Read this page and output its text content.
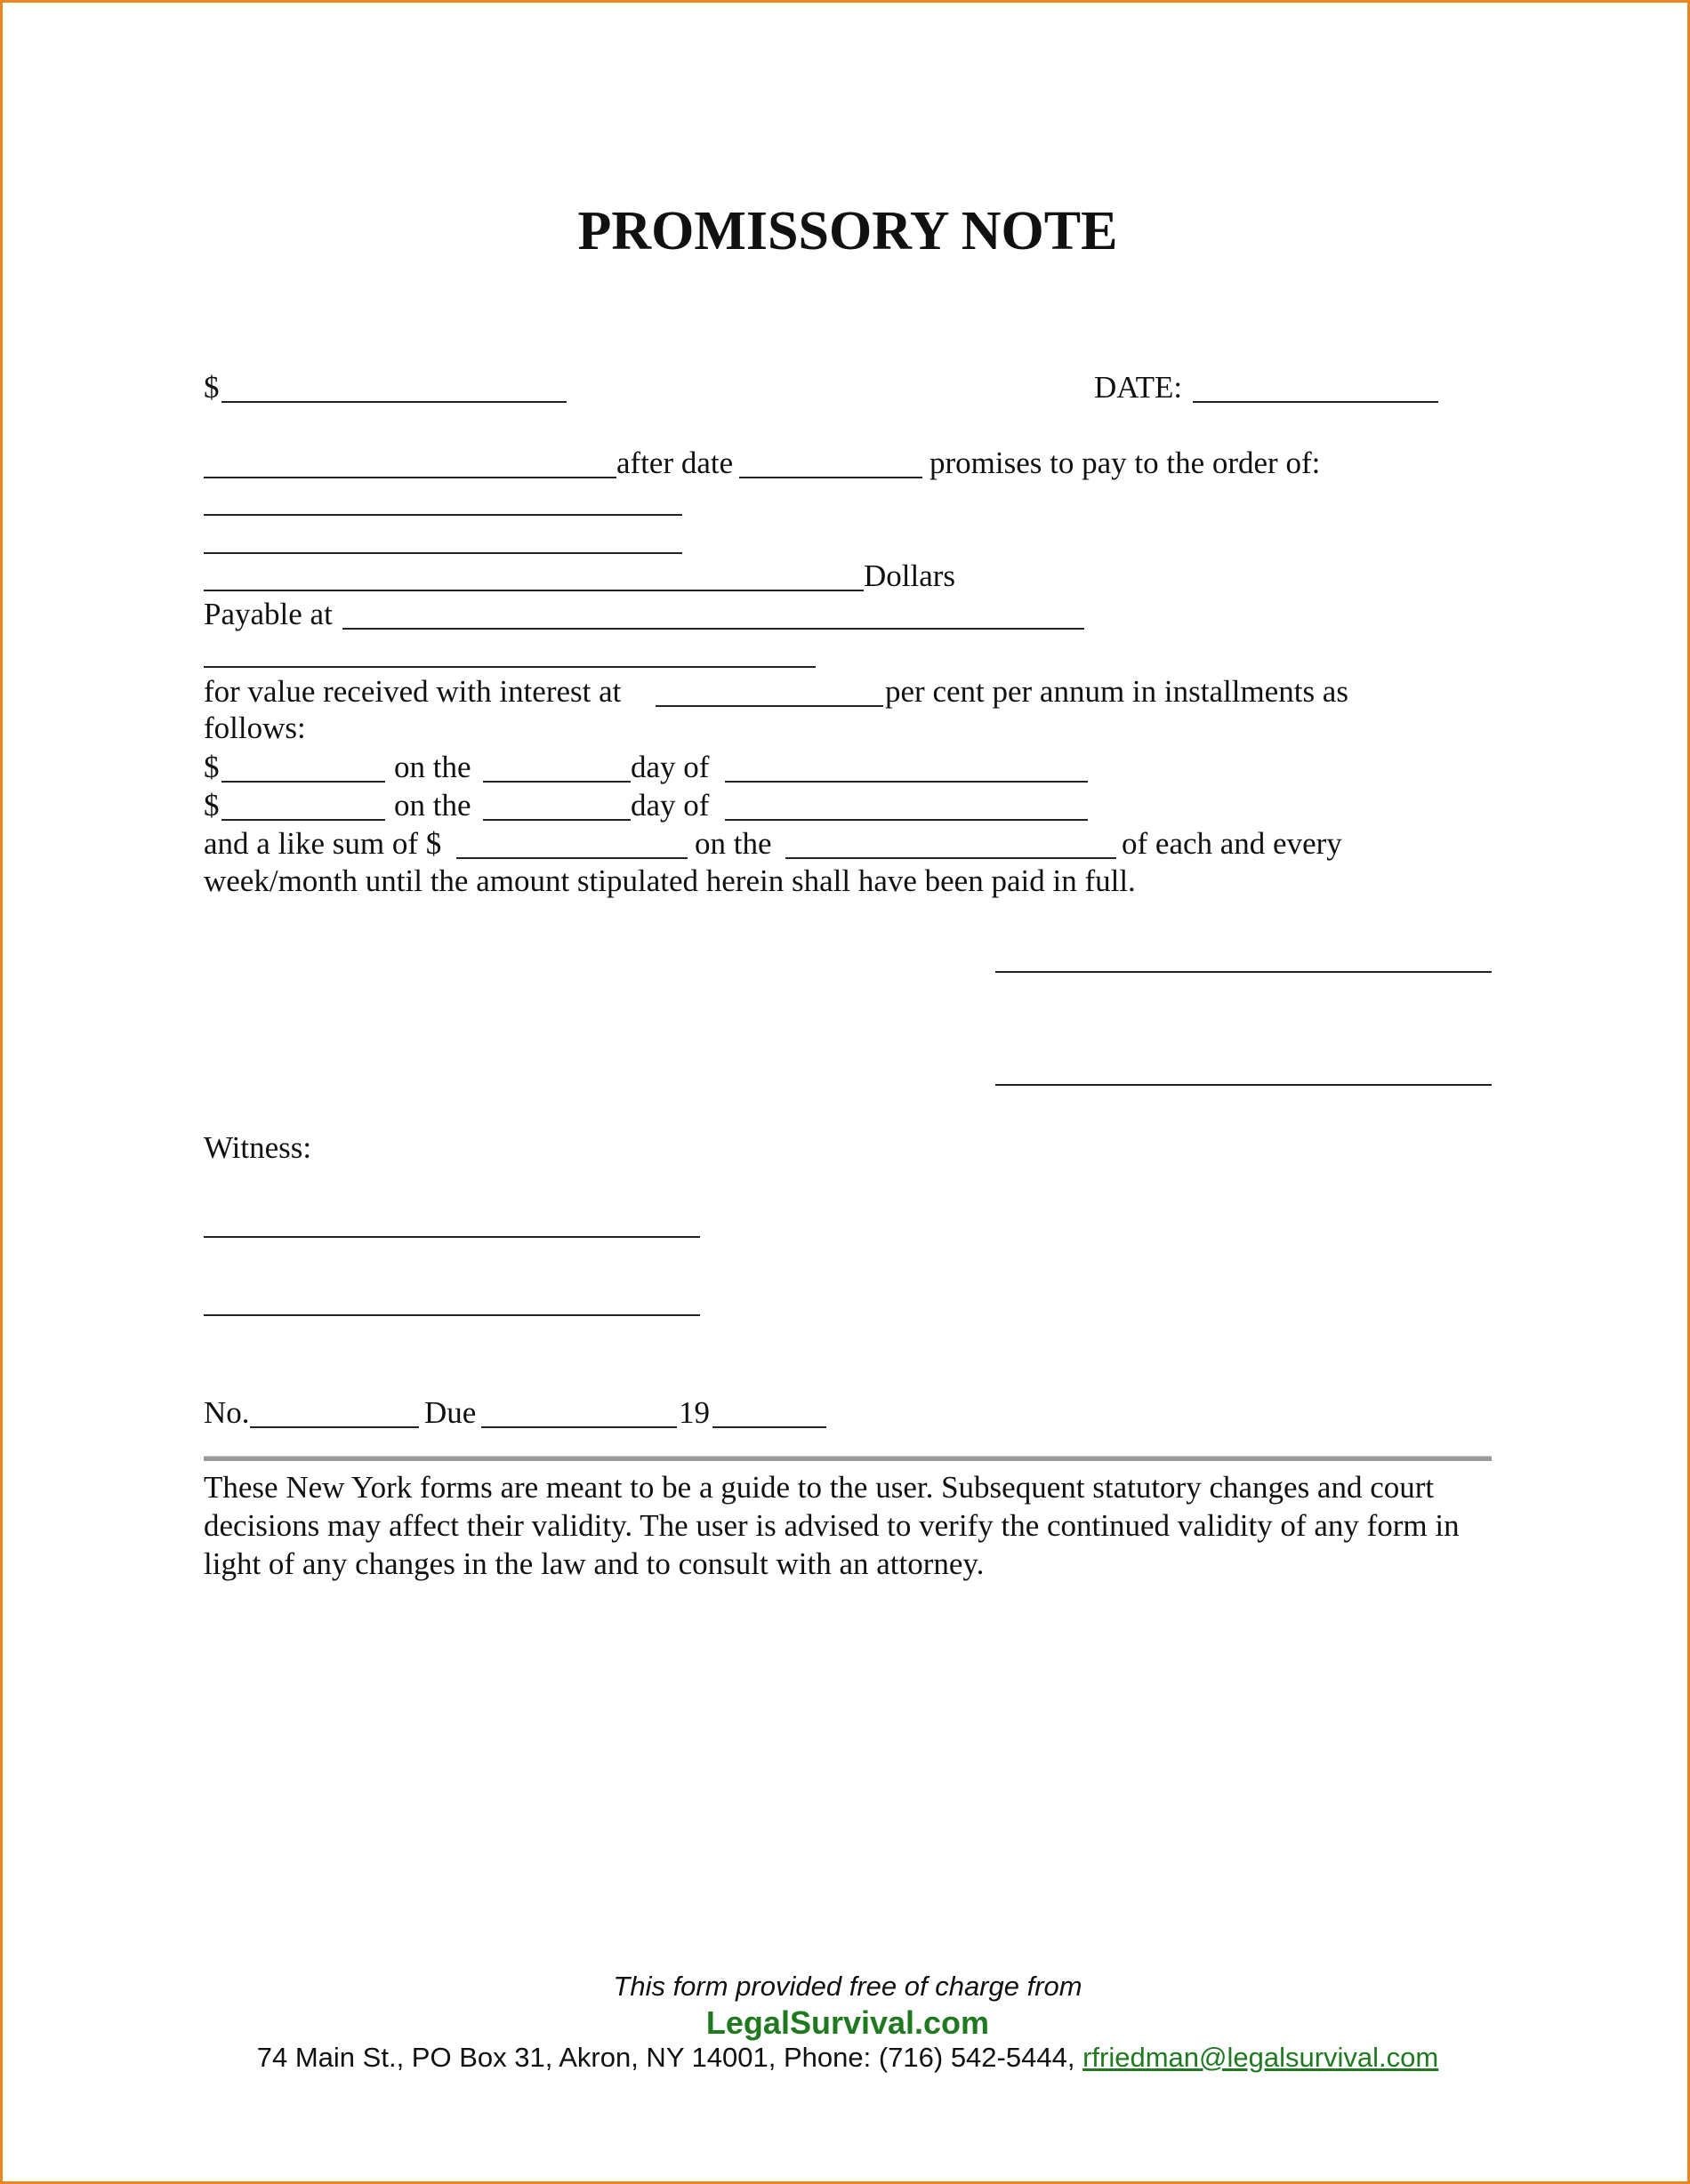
PROMISSORY NOTE
$	DATE:
after date	promises to pay to the order of:
Dollars
Payable at
for value received with interest at	per cent per annum in installments as
follows:
$	on the	day of
$	on the	day of
and a like sum of $	on the	of each and every
week/month until the amount stipulated herein shall have been paid in full.
Witness:
No.	Due	19
These New York forms are meant to be a guide to the user. Subsequent statutory changes and court decisions may affect their validity. The user is advised to verify the continued validity of any form in light of any changes in the law and to consult with an attorney.
This form provided free of charge from
LegalSurvival.com
74 Main St., PO Box 31, Akron, NY 14001, Phone: (716) 542-5444, rfriedman@legalsurvival.com
